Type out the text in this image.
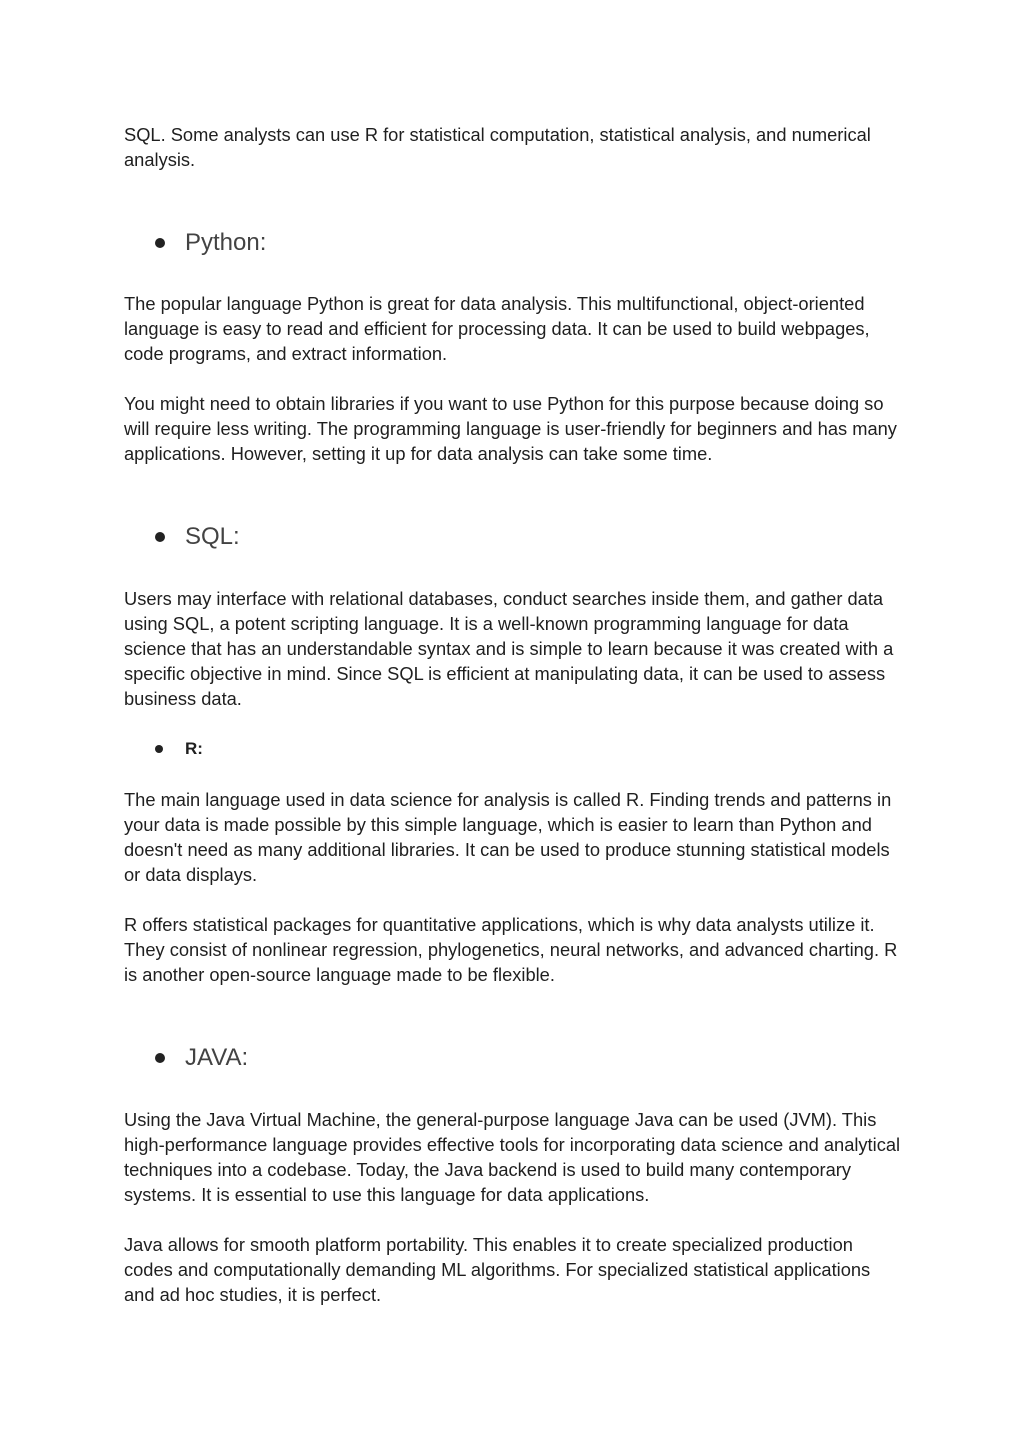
SQL. Some analysts can use R for statistical computation, statistical analysis, and numerical analysis.

Python:

The popular language Python is great for data analysis. This multifunctional, object-oriented language is easy to read and efficient for processing data. It can be used to build webpages, code programs, and extract information.

You might need to obtain libraries if you want to use Python for this purpose because doing so will require less writing. The programming language is user-friendly for beginners and has many applications. However, setting it up for data analysis can take some time.

SQL:

Users may interface with relational databases, conduct searches inside them, and gather data using SQL, a potent scripting language. It is a well-known programming language for data science that has an understandable syntax and is simple to learn because it was created with a specific objective in mind. Since SQL is efficient at manipulating data, it can be used to assess business data.

R:

The main language used in data science for analysis is called R. Finding trends and patterns in your data is made possible by this simple language, which is easier to learn than Python and doesn't need as many additional libraries. It can be used to produce stunning statistical models or data displays.

R offers statistical packages for quantitative applications, which is why data analysts utilize it. They consist of nonlinear regression, phylogenetics, neural networks, and advanced charting. R is another open-source language made to be flexible.

JAVA:

Using the Java Virtual Machine, the general-purpose language Java can be used (JVM). This high-performance language provides effective tools for incorporating data science and analytical techniques into a codebase. Today, the Java backend is used to build many contemporary systems. It is essential to use this language for data applications.

Java allows for smooth platform portability. This enables it to create specialized production codes and computationally demanding ML algorithms. For specialized statistical applications and ad hoc studies, it is perfect.
